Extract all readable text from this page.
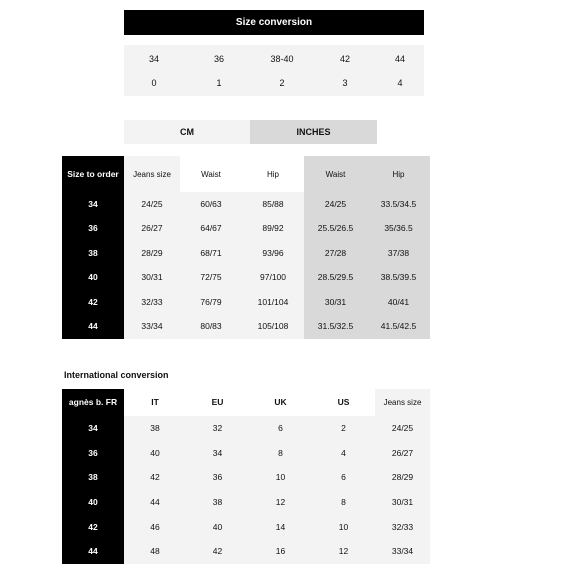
Size conversion
34	36	38-40	42	44
0	1	2	3	4
CM	INCHES
Size to order	Jeans size	Waist	Hip	Waist	Hip
34	24/25	60/63	85/88	24/25	33.5/34.5
36	26/27	64/67	89/92	25.5/26.5	35/36.5
38	28/29	68/71	93/96	27/28	37/38
40	30/31	72/75	97/100	28.5/29.5	38.5/39.5
42	32/33	76/79	101/104	30/31	40/41
44	33/34	80/83	105/108	31.5/32.5	41.5/42.5
International conversion
agnès b. FR	IT	EU	UK	US	Jeans size
34	38	32	6	2	24/25
36	40	34	8	4	26/27
38	42	36	10	6	28/29
40	44	38	12	8	30/31
42	46	40	14	10	32/33
44	48	42	16	12	33/34
